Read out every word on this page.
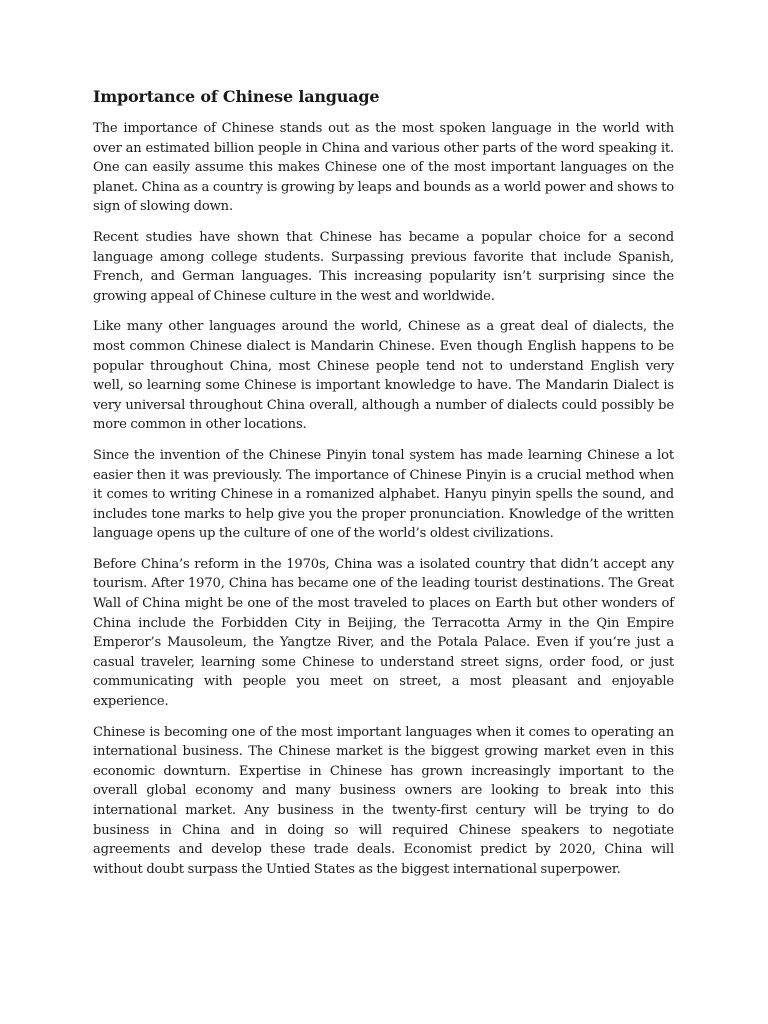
Importance of Chinese language

The importance of Chinese stands out as the most spoken language in the world with over an estimated billion people in China and various other parts of the word speaking it. One can easily assume this makes Chinese one of the most important languages on the planet. China as a country is growing by leaps and bounds as a world power and shows to sign of slowing down.

Recent studies have shown that Chinese has became a popular choice for a second language among college students. Surpassing previous favorite that include Spanish, French, and German languages. This increasing popularity isn’t surprising since the growing appeal of Chinese culture in the west and worldwide.

Like many other languages around the world, Chinese as a great deal of dialects, the most common Chinese dialect is Mandarin Chinese. Even though English happens to be popular throughout China, most Chinese people tend not to understand English very well, so learning some Chinese is important knowledge to have. The Mandarin Dialect is very universal throughout China overall, although a number of dialects could possibly be more common in other locations.

Since the invention of the Chinese Pinyin tonal system has made learning Chinese a lot easier then it was previously. The importance of Chinese Pinyin is a crucial method when it comes to writing Chinese in a romanized alphabet. Hanyu pinyin spells the sound, and includes tone marks to help give you the proper pronunciation. Knowledge of the written language opens up the culture of one of the world’s oldest civilizations.

Before China’s reform in the 1970s, China was a isolated country that didn’t accept any tourism. After 1970, China has became one of the leading tourist destinations. The Great Wall of China might be one of the most traveled to places on Earth but other wonders of China include the Forbidden City in Beijing, the Terracotta Army in the Qin Empire Emperor’s Mausoleum, the Yangtze River, and the Potala Palace. Even if you’re just a casual traveler, learning some Chinese to understand street signs, order food, or just communicating with people you meet on street, a most pleasant and enjoyable experience.

Chinese is becoming one of the most important languages when it comes to operating an international business. The Chinese market is the biggest growing market even in this economic downturn. Expertise in Chinese has grown increasingly important to the overall global economy and many business owners are looking to break into this international market. Any business in the twenty-first century will be trying to do business in China and in doing so will required Chinese speakers to negotiate agreements and develop these trade deals. Economist predict by 2020, China will without doubt surpass the Untied States as the biggest international superpower.
